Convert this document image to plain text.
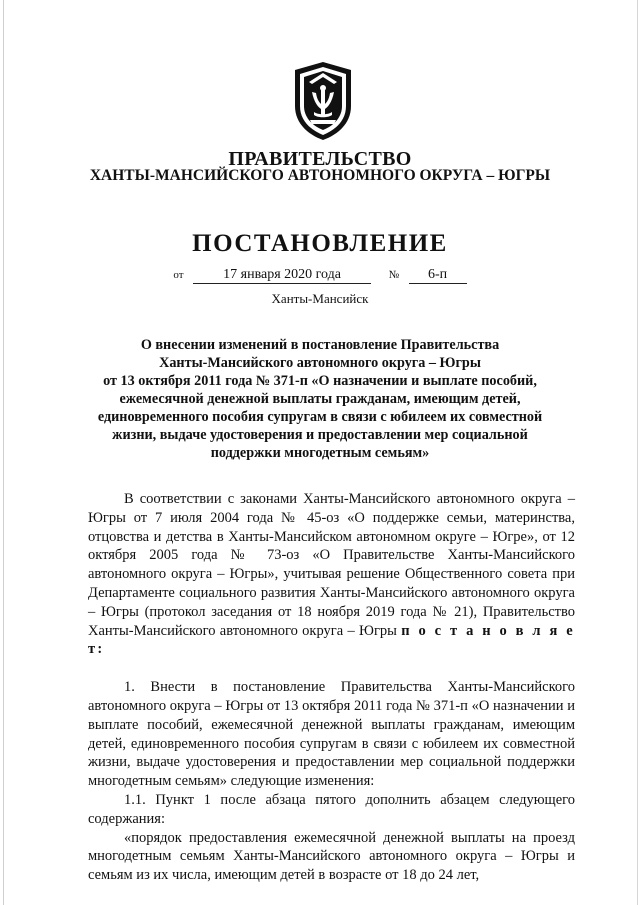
ПРАВИТЕЛЬСТВО
ХАНТЫ-МАНСИЙСКОГО АВТОНОМНОГО ОКРУГА – ЮГРЫ
ПОСТАНОВЛЕНИЕ
от	17 января 2020 года	№ 6-п
Ханты-Мансийск
О внесении изменений в постановление Правительства
Ханты-Мансийского автономного округа – Югры
от 13 октября 2011 года № 371-п «О назначении и выплате пособий,
ежемесячной денежной выплаты гражданам, имеющим детей,
единовременного пособия супругам в связи с юбилеем их совместной
жизни, выдаче удостоверения и предоставлении мер социальной
поддержки многодетным семьям»

В соответствии с законами Ханты-Мансийского автономного округа – Югры от 7 июля 2004 года № 45-оз «О поддержке семьи, материнства, отцовства и детства в Ханты-Мансийском автономном округе – Югре», от 12 октября 2005 года № 73-оз «О Правительстве Ханты-Мансийского автономного округа – Югры», учитывая решение Общественного совета при Департаменте социального развития Ханты-Мансийского автономного округа – Югры (протокол заседания от 18 ноября 2019 года № 21), Правительство Ханты-Мансийского автономного округа – Югры п о с т а н о в л я е т:

1. Внести в постановление Правительства Ханты-Мансийского автономного округа – Югры от 13 октября 2011 года № 371-п «О назначении и выплате пособий, ежемесячной денежной выплаты гражданам, имеющим детей, единовременного пособия супругам в связи с юбилеем их совместной жизни, выдаче удостоверения и предоставлении мер социальной поддержки многодетным семьям» следующие изменения:

1.1. Пункт 1 после абзаца пятого дополнить абзацем следующего содержания:

«порядок предоставления ежемесячной денежной выплаты на проезд многодетным семьям Ханты-Мансийского автономного округа – Югры и семьям из их числа, имеющим детей в возрасте от 18 до 24 лет,
